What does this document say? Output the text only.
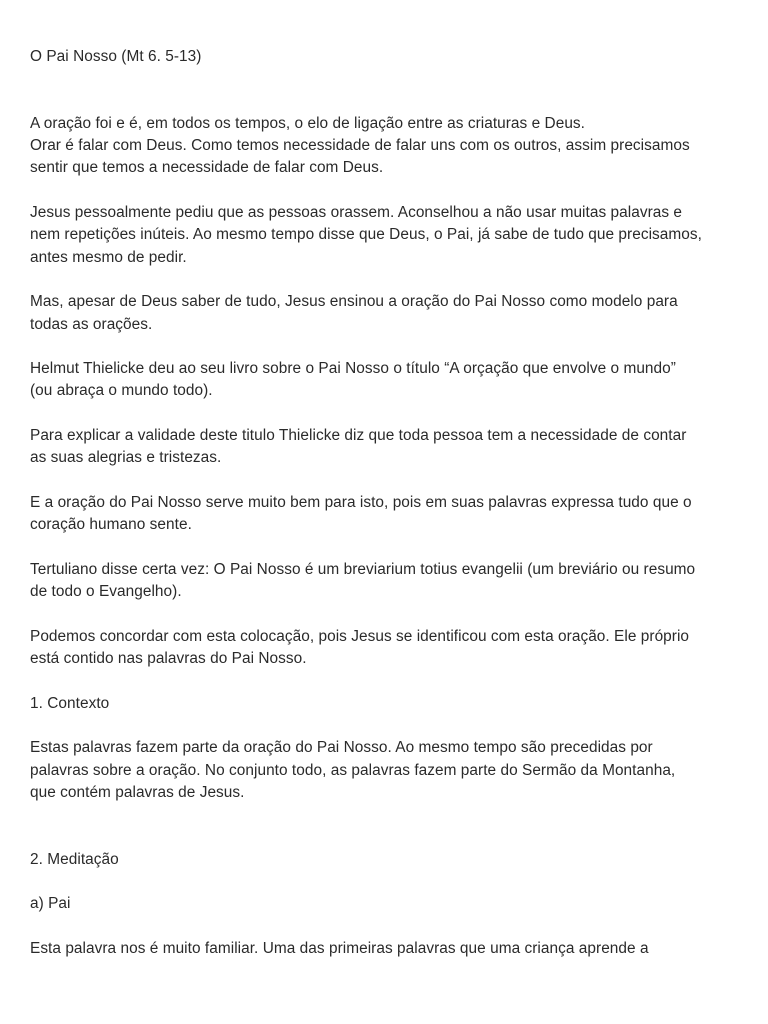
O Pai Nosso (Mt 6. 5-13)

A oração foi e é, em todos os tempos, o elo de ligação entre as criaturas e Deus.
Orar é falar com Deus. Como temos necessidade de falar uns com os outros, assim precisamos
sentir que temos a necessidade de falar com Deus.

Jesus pessoalmente pediu que as pessoas orassem. Aconselhou a não usar muitas palavras e
nem repetições inúteis. Ao mesmo tempo disse que Deus, o Pai, já sabe de tudo que precisamos,
antes mesmo de pedir.

Mas, apesar de Deus saber de tudo, Jesus ensinou a oração do Pai Nosso como modelo para
todas as orações.

Helmut Thielicke deu ao seu livro sobre o Pai Nosso o título “A orçação que envolve o mundo”
(ou abraça o mundo todo).

Para explicar a validade deste titulo Thielicke diz que toda pessoa tem a necessidade de contar
as suas alegrias e tristezas.

E a oração do Pai Nosso serve muito bem para isto, pois em suas palavras expressa tudo que o
coração humano sente.

Tertuliano disse certa vez: O Pai Nosso é um breviarium totius evangelii (um breviário ou resumo
de todo o Evangelho).

Podemos concordar com esta colocação, pois Jesus se identificou com esta oração. Ele próprio
está contido nas palavras do Pai Nosso.

1. Contexto

Estas palavras fazem parte da oração do Pai Nosso. Ao mesmo tempo são precedidas por
palavras sobre a oração. No conjunto todo, as palavras fazem parte do Sermão da Montanha,
que contém palavras de Jesus.

2. Meditação

a) Pai

Esta palavra nos é muito familiar. Uma das primeiras palavras que uma criança aprende a
